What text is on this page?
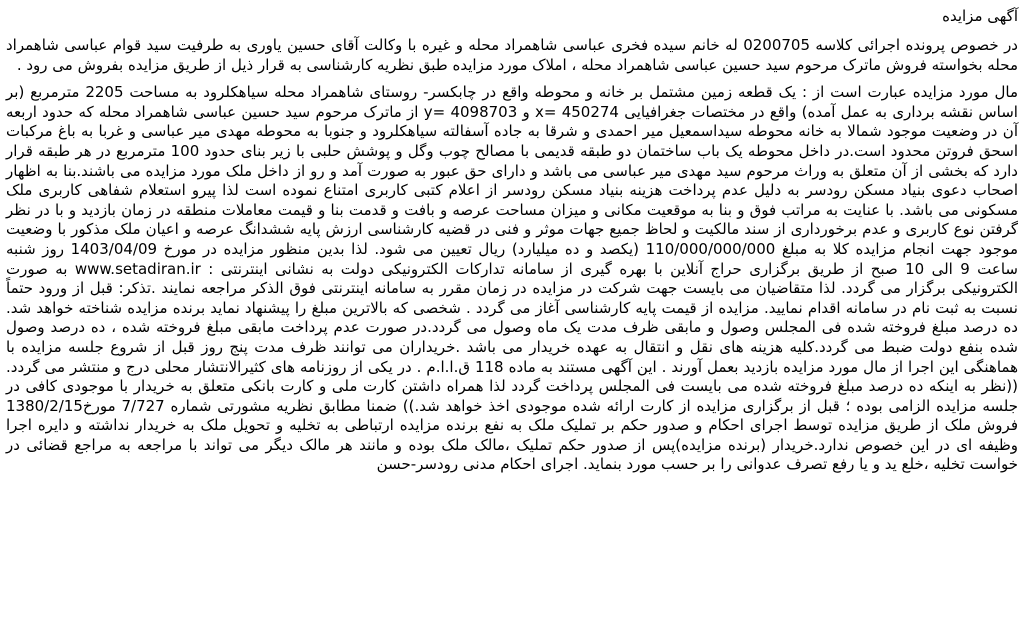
آگهی مزایده

در خصوص پرونده اجرائی کلاسه 0200705 له خانم سیده فخری عباسی شاهمراد محله و غیره با وکالت آقای حسین یاوری به طرفیت سید قوام عباسی شاهمراد محله بخواسته فروش ماترک مرحوم سید حسین عباسی شاهمراد محله ، املاک مورد مزایده طبق نظریه کارشناسی به قرار ذیل از طریق مزایده بفروش می رود .

مال مورد مزایده عبارت است از : یک قطعه زمین مشتمل بر خانه و محوطه واقع در چابکسر- روستای شاهمراد محله سیاهکلرود به مساحت 2205 مترمربع (بر اساس نقشه برداری به عمل آمده) واقع در مختصات جغرافیایی x= 450274 و y= 4098703 از ماترک مرحوم سید حسین عباسی شاهمراد محله که حدود اربعه آن در وضعیت موجود شمالا به خانه محوطه سیداسمعیل میر احمدی و شرقا به جاده آسفالته سیاهکلرود و جنوبا به محوطه مهدی میر عباسی و غربا به باغ مرکبات اسحق فروتن محدود است.در داخل محوطه یک باب ساختمان دو طبقه قدیمی با مصالح چوب وگل و پوشش حلبی با زیر بنای حدود 100 مترمربع در هر طبقه قرار دارد که بخشی از آن متعلق به وراث مرحوم سید مهدی میر عباسی می باشد و دارای حق عبور به صورت آمد و رو از داخل ملک مورد مزایده می باشند.بنا به اظهار اصحاب دعوی بنیاد مسکن رودسر به دلیل عدم پرداخت هزینه بنیاد مسکن رودسر از اعلام کتبی کاربری امتناع نموده است لذا پیرو استعلام شفاهی کاربری ملک مسکونی می باشد. با عنایت به مراتب فوق و بنا به موقعیت مکانی و میزان مساحت عرصه و بافت و قدمت بنا و قیمت معاملات منطقه در زمان بازدید و با در نظر گرفتن نوع کاربری و عدم برخورداری از سند مالکیت و لحاظ جمیع جهات موثر و فنی در قضیه کارشناسی ارزش پایه ششدانگ عرصه و اعیان ملک مذکور با وضعیت موجود جهت انجام مزایده کلا به مبلغ 110/000/000/000 (یکصد و ده میلیارد) ریال تعیین می شود. لذا بدین منظور مزایده در مورخ 1403/04/09 روز شنبه ساعت 9 الی 10 صبح از طریق برگزاری حراج آنلاین با بهره گیری از سامانه تدارکات الکترونیکی دولت به نشانی اینترنتی : www.setadiran.ir به صورت الکترونیکی برگزار می گردد. لذا متقاضیان می بایست جهت شرکت در مزایده در زمان مقرر به سامانه اینترنتی فوق الذکر مراجعه نمایند .تذکر: قبل از ورود حتماً نسبت به ثبت نام در سامانه اقدام نمایید. مزایده از قیمت پایه کارشناسی آغاز می گردد . شخصی که بالاترین مبلغ را پیشنهاد نماید برنده مزایده شناخته خواهد شد. ده درصد مبلغ فروخته شده فی المجلس وصول و مابقی ظرف مدت یک ماه وصول می گردد.در صورت عدم پرداخت مابقی مبلغ فروخته شده ، ده درصد وصول شده بنفع دولت ضبط می گردد.کلیه هزینه های نقل و انتقال به عهده خریدار می باشد .خریداران می توانند ظرف مدت پنج روز قبل از شروع جلسه مزایده با هماهنگی این اجرا از مال مورد مزایده بازدید بعمل آورند . این آگهی مستند به ماده 118 ق.ا.ا.م . در یکی از روزنامه های کثیرالانتشار محلی درج و منتشر می گردد.((نظر به اینکه ده درصد مبلغ فروخته شده می بایست فی المجلس پرداخت گردد لذا همراه داشتن کارت ملی و کارت بانکی متعلق به خریدار با موجودی کافی در جلسه مزایده الزامی بوده ؛ قبل از برگزاری مزایده از کارت ارائه شده موجودی اخذ خواهد شد.)) ضمنا مطابق نظریه مشورتی شماره 7/727 مورخ1380/2/15 فروش ملک از طریق مزایده توسط اجرای احکام و صدور حکم بر تملیک ملک به نفع برنده مزایده ارتباطی به تخلیه و تحویل ملک به خریدار نداشته و دایره اجرا وظیفه ای در این خصوص ندارد.خریدار (برنده مزایده)پس از صدور حکم تملیک ،مالک ملک بوده و مانند هر مالک دیگر می تواند با مراجعه به مراجع قضائی در خواست تخلیه ،خلع ید و یا رفع تصرف عدوانی را بر حسب مورد بنماید. اجرای احکام مدنی رودسر-حسن
